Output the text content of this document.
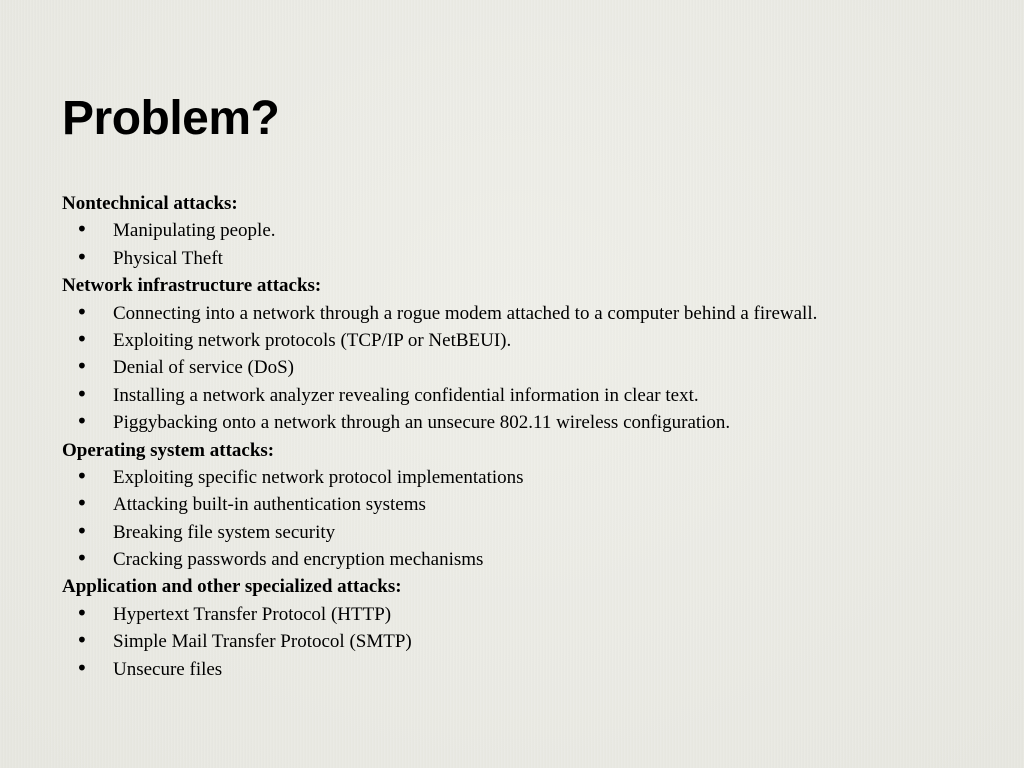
Problem?
Nontechnical attacks:
• Manipulating people.
• Physical Theft
Network infrastructure attacks:
• Connecting into a network through a rogue modem attached to a computer behind a firewall.
• Exploiting network protocols (TCP/IP or NetBEUI).
• Denial of service (DoS)
• Installing a network analyzer revealing confidential information in clear text.
• Piggybacking onto a network through an unsecure 802.11 wireless configuration.
Operating system attacks:
• Exploiting specific network protocol implementations
• Attacking built-in authentication systems
• Breaking file system security
• Cracking passwords and encryption mechanisms
Application and other specialized attacks:
• Hypertext Transfer Protocol (HTTP)
• Simple Mail Transfer Protocol (SMTP)
• Unsecure files
